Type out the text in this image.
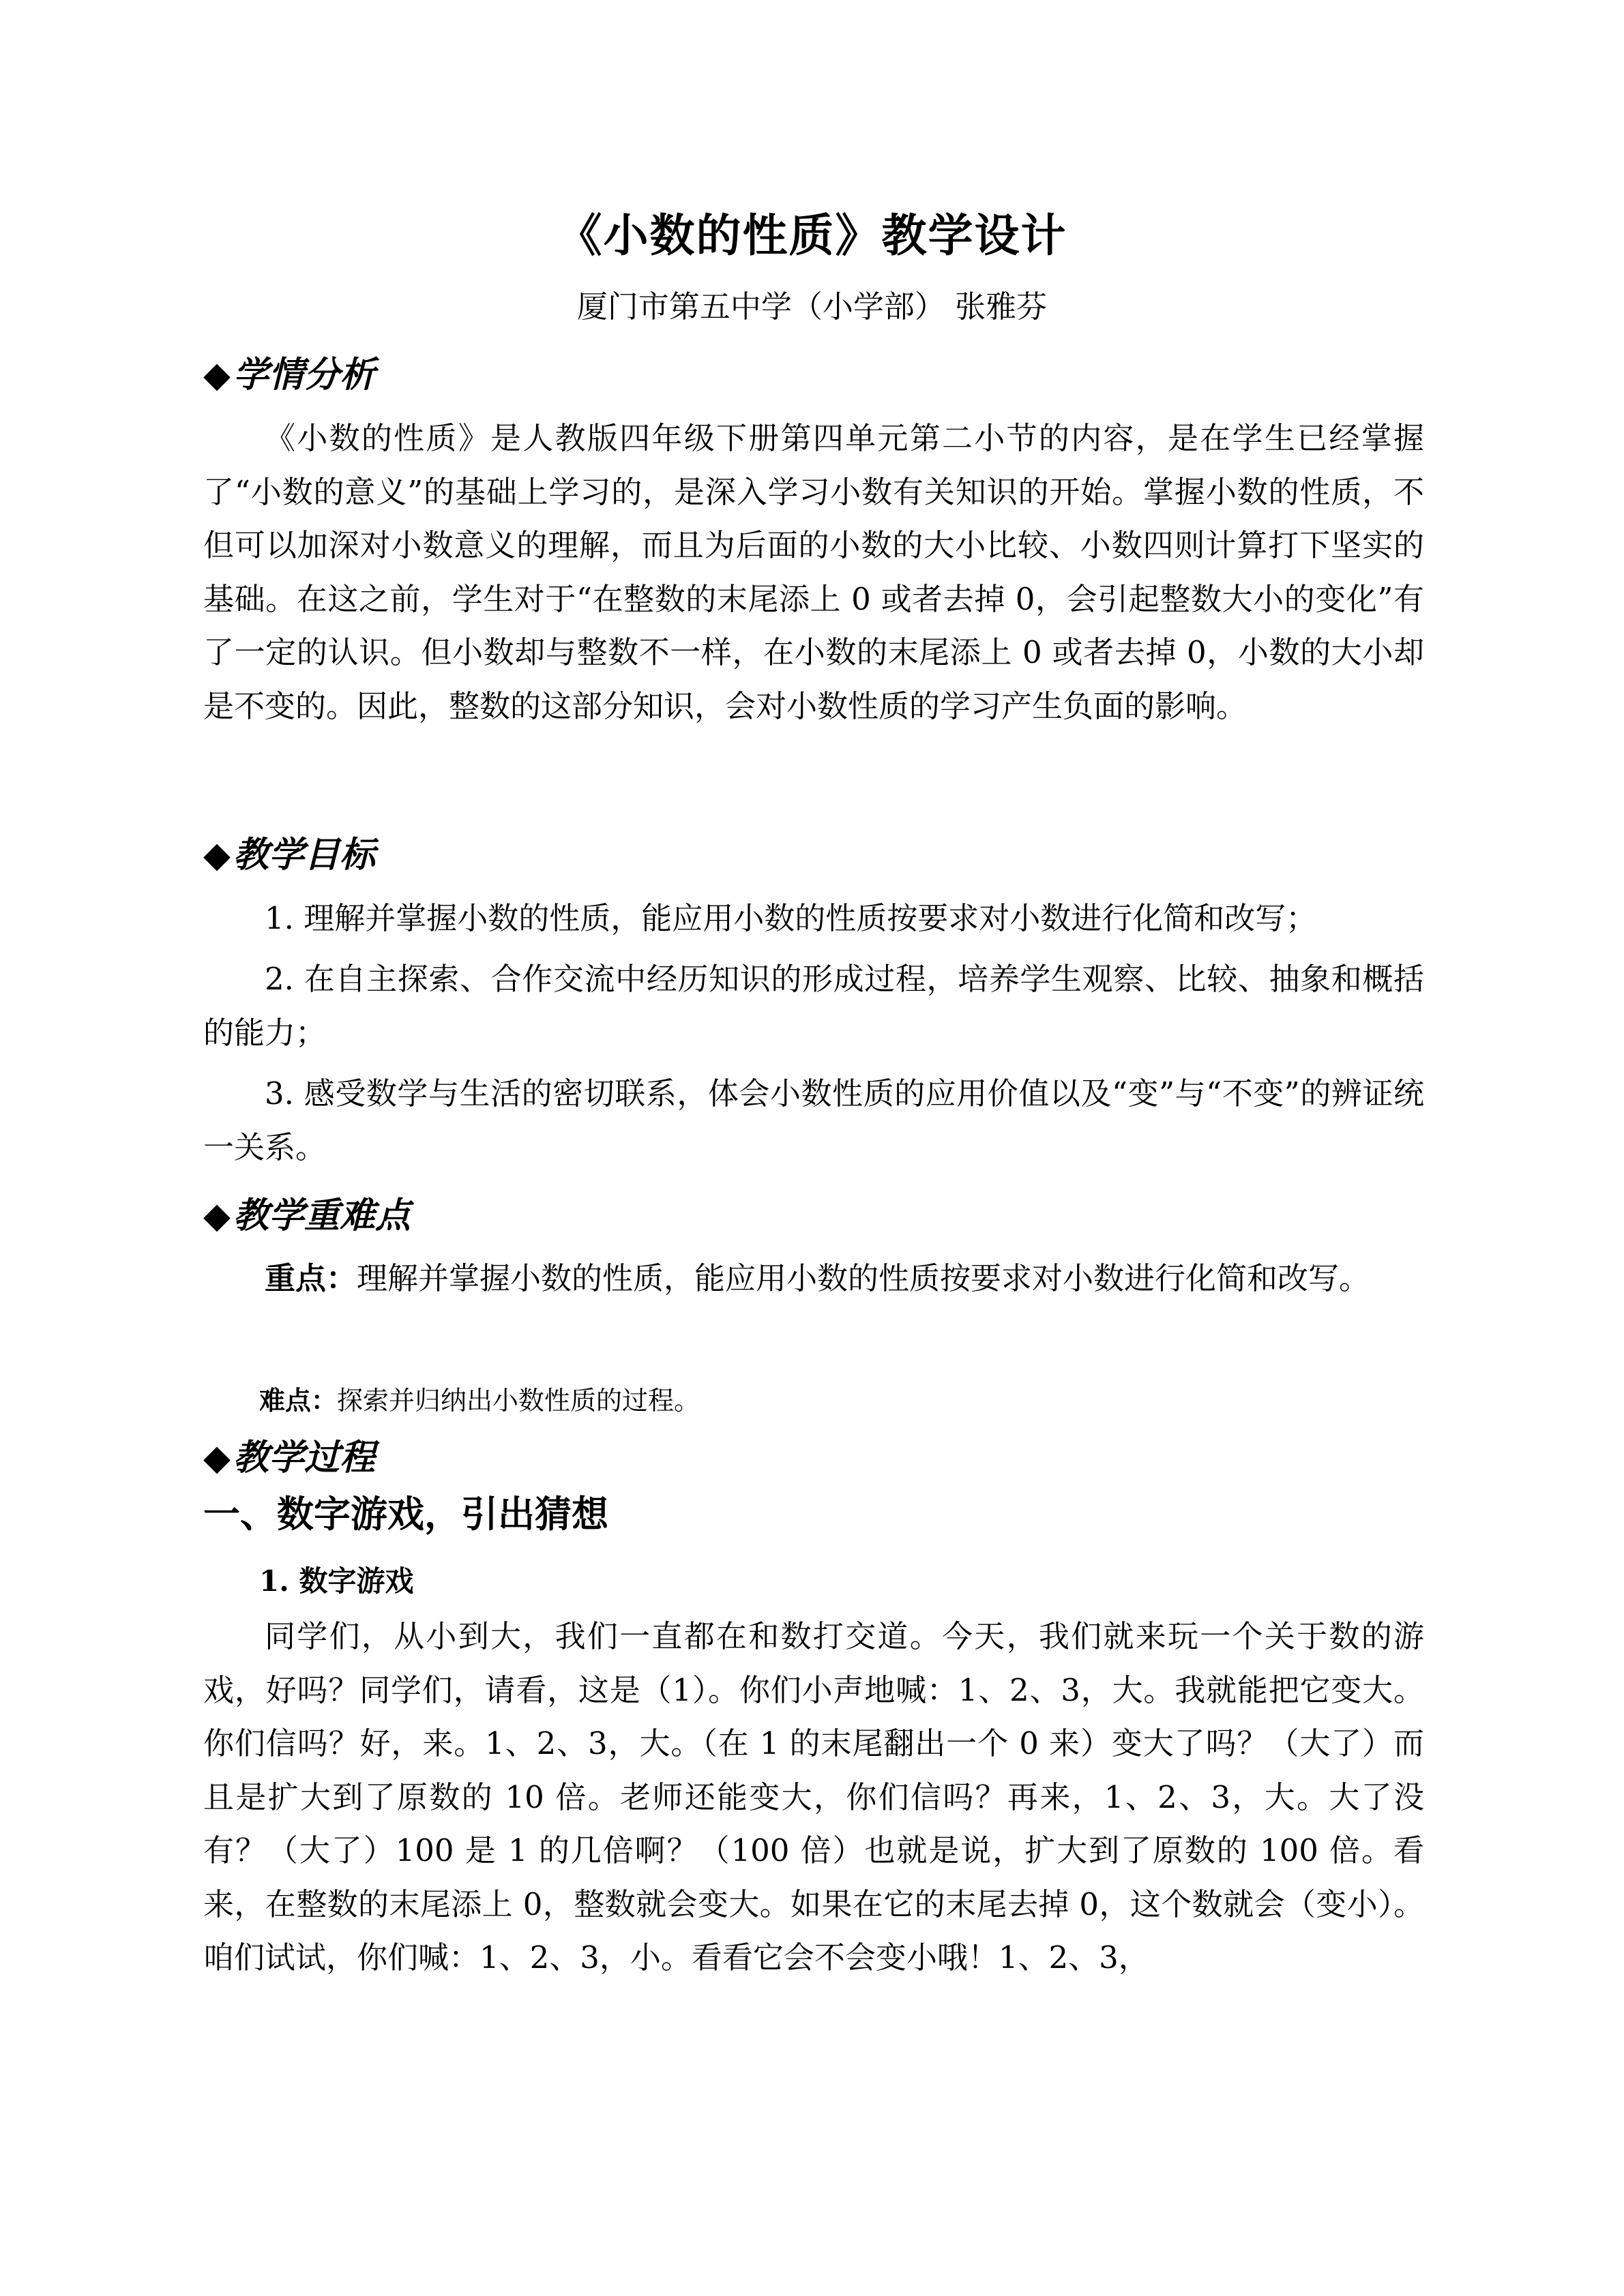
《小数的性质》教学设计
厦门市第五中学（小学部） 张雅芬
◆学情分析
《小数的性质》是人教版四年级下册第四单元第二小节的内容，是在学生已经掌握了“小数的意义”的基础上学习的，是深入学习小数有关知识的开始。掌握小数的性质，不但可以加深对小数意义的理解，而且为后面的小数的大小比较、小数四则计算打下坚实的基础。在这之前，学生对于“在整数的末尾添上 0 或者去掉 0，会引起整数大小的变化”有了一定的认识。但小数却与整数不一样，在小数的末尾添上 0 或者去掉 0，小数的大小却是不变的。因此，整数的这部分知识，会对小数性质的学习产生负面的影响。
◆教学目标
1. 理解并掌握小数的性质，能应用小数的性质按要求对小数进行化简和改写；
2. 在自主探索、合作交流中经历知识的形成过程，培养学生观察、比较、抽象和概括的能力；
3. 感受数学与生活的密切联系，体会小数性质的应用价值以及“变”与“不变”的辨证统一关系。
◆教学重难点
重点：理解并掌握小数的性质，能应用小数的性质按要求对小数进行化简和改写。
难点：探索并归纳出小数性质的过程。
◆教学过程
一、数字游戏，引出猜想
1. 数字游戏
同学们，从小到大，我们一直都在和数打交道。今天，我们就来玩一个关于数的游戏，好吗？同学们，请看，这是（1）。你们小声地喊：1、2、3，大。我就能把它变大。你们信吗？好，来。1、2、3，大。（在 1 的末尾翻出一个 0 来）变大了吗？（大了）而且是扩大到了原数的 10 倍。老师还能变大，你们信吗？再来，1、2、3，大。大了没有？（大了）100 是 1 的几倍啊？（100 倍）也就是说，扩大到了原数的 100 倍。看来，在整数的末尾添上 0，整数就会变大。如果在它的末尾去掉 0，这个数就会（变小）。咱们试试，你们喊：1、2、3，小。看看它会不会变小哦！1、2、3，
